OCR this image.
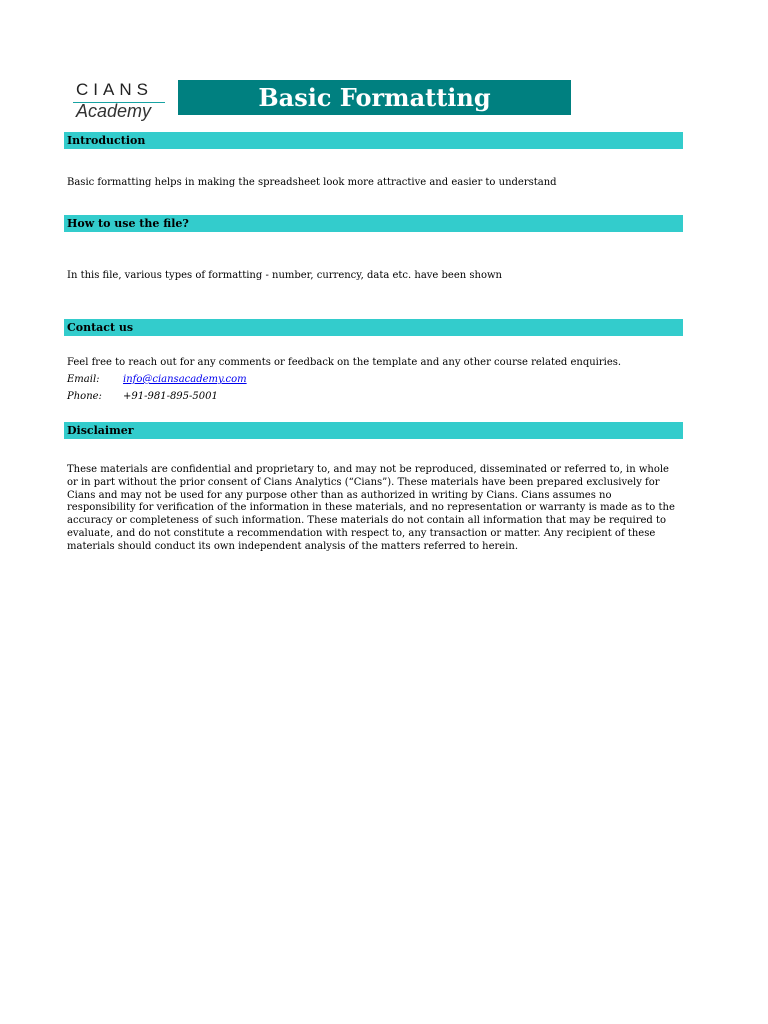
CIANS
Academy	Basic Formatting
Introduction
Basic formatting helps in making the spreadsheet look more attractive and easier to understand
How to use the file?
In this file, various types of formatting - number, currency, data etc. have been shown
Contact us
Feel free to reach out for any comments or feedback on the template and any other course related enquiries.
Email: info@ciansacademy.com
Phone: +91-981-895-5001
Disclaimer
These materials are confidential and proprietary to, and may not be reproduced, disseminated or referred to, in whole or in part without the prior consent of Cians Analytics (“Cians”). These materials have been prepared exclusively for Cians and may not be used for any purpose other than as authorized in writing by Cians. Cians assumes no responsibility for verification of the information in these materials, and no representation or warranty is made as to the accuracy or completeness of such information. These materials do not contain all information that may be required to evaluate, and do not constitute a recommendation with respect to, any transaction or matter. Any recipient of these materials should conduct its own independent analysis of the matters referred to herein.
